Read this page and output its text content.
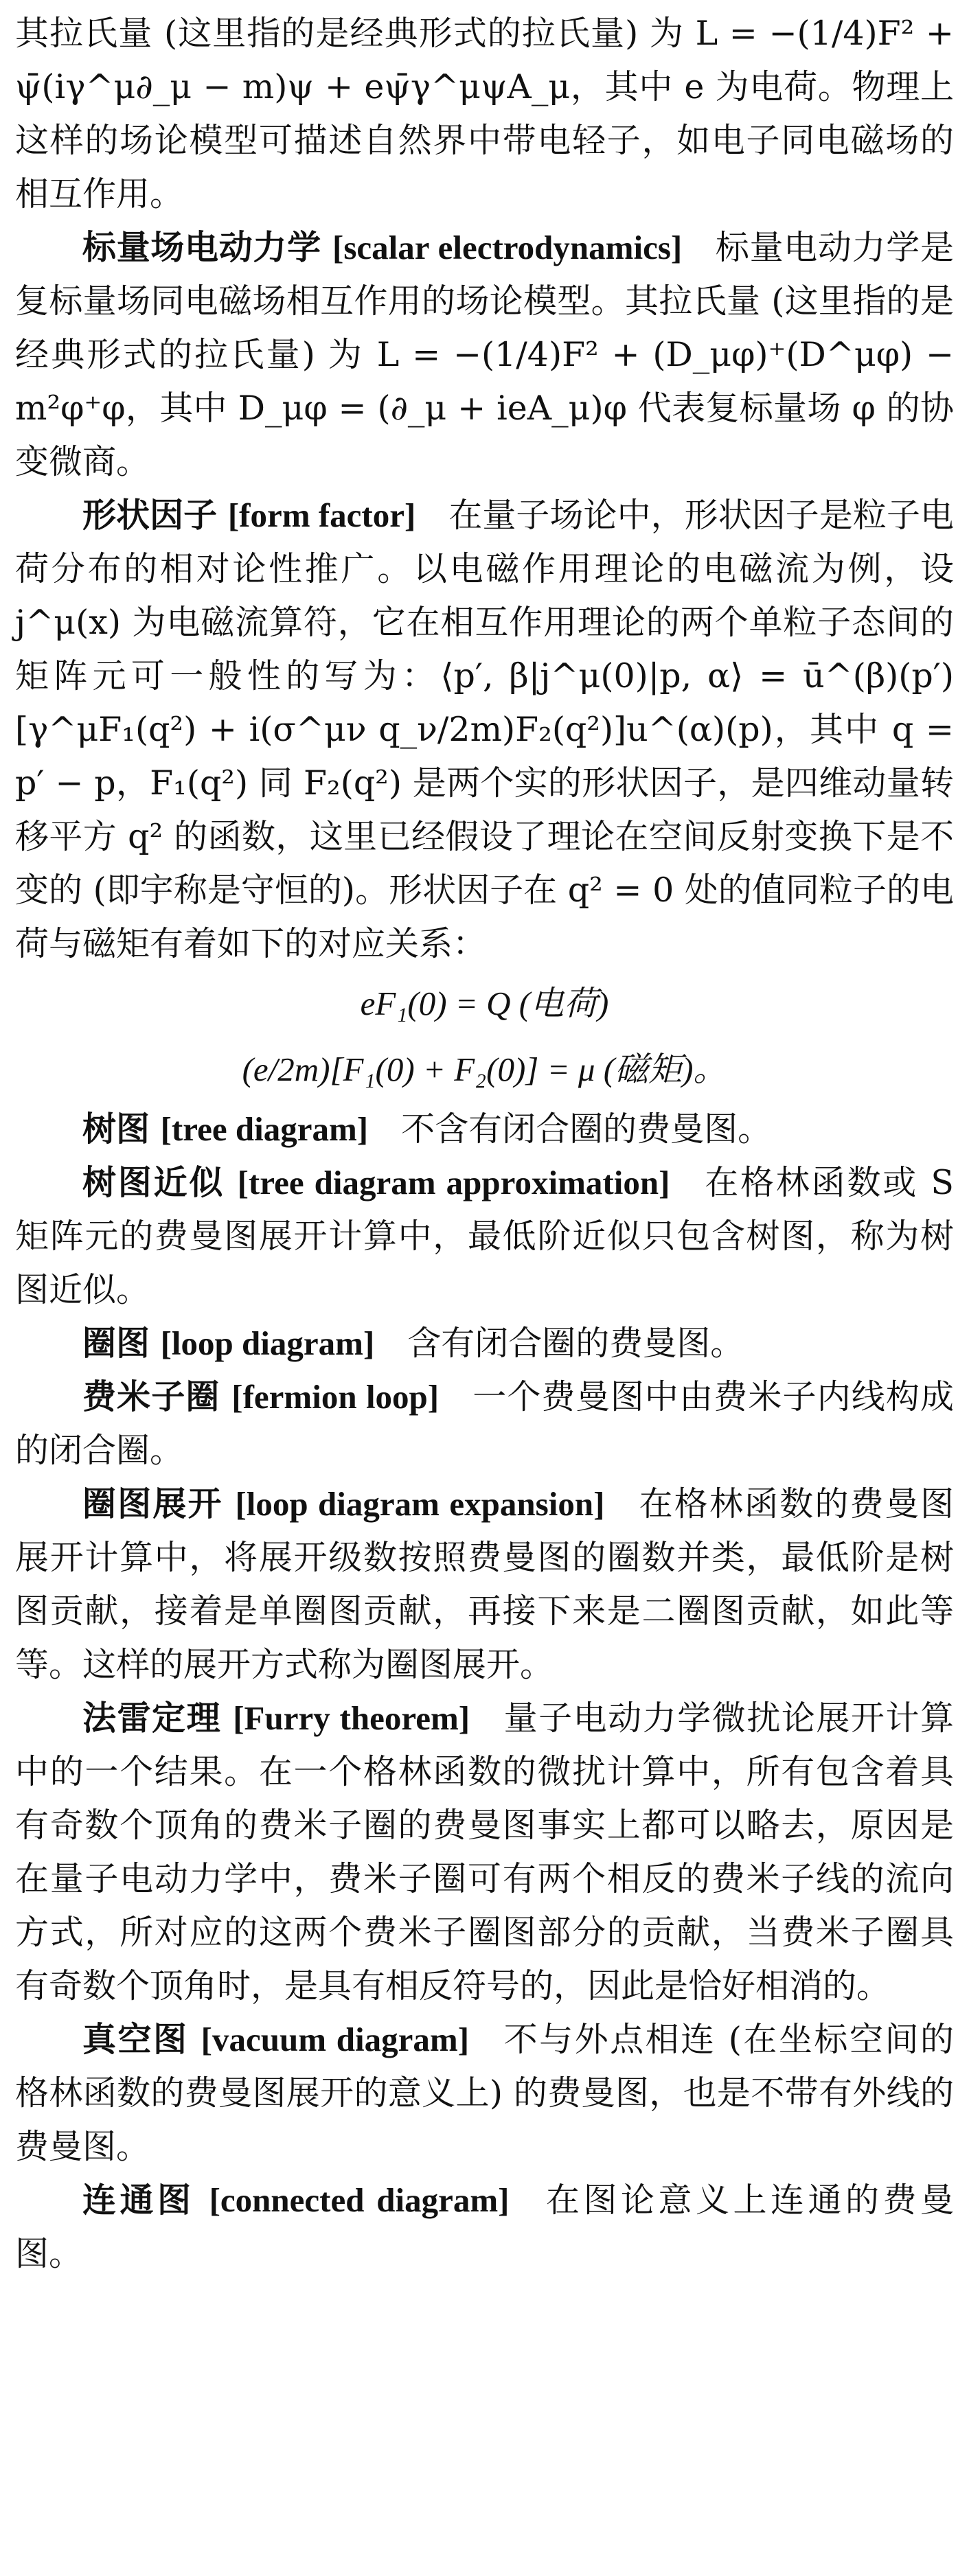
其拉氏量 (这里指的是经典形式的拉氏量) 为 L = −(1/4)F² + ψ̄(iγ^μ∂_μ − m)ψ + eψ̄γ^μψA_μ，其中 e 为电荷。物理上这样的场论模型可描述自然界中带电轻子，如电子同电磁场的相互作用。

标量场电动力学 [scalar electrodynamics] 标量电动力学是复标量场同电磁场相互作用的场论模型。其拉氏量 (这里指的是经典形式的拉氏量) 为 L = −(1/4)F² + (D_μφ)⁺(D^μφ) − m²φ⁺φ，其中 D_μφ = (∂_μ + ieA_μ)φ 代表复标量场 φ 的协变微商。

形状因子 [form factor] 在量子场论中，形状因子是粒子电荷分布的相对论性推广。以电磁作用理论的电磁流为例，设 j^μ(x) 为电磁流算符，它在相互作用理论的两个单粒子态间的矩阵元可一般性的写为：⟨p′, β|j^μ(0)|p, α⟩ = ū^(β)(p′)[γ^μF₁(q²) + i(σ^μν q_ν/2m)F₂(q²)]u^(α)(p)，其中 q = p′ − p，F₁(q²) 同 F₂(q²) 是两个实的形状因子，是四维动量转移平方 q² 的函数，这里已经假设了理论在空间反射变换下是不变的 (即宇称是守恒的)。形状因子在 q² = 0 处的值同粒子的电荷与磁矩有着如下的对应关系：

eF₁(0) = Q (电荷)

(e/2m)[F₁(0) + F₂(0)] = μ (磁矩)。

树图 [tree diagram] 不含有闭合圈的费曼图。

树图近似 [tree diagram approximation] 在格林函数或 S 矩阵元的费曼图展开计算中，最低阶近似只包含树图，称为树图近似。

圈图 [loop diagram] 含有闭合圈的费曼图。

费米子圈 [fermion loop] 一个费曼图中由费米子内线构成的闭合圈。

圈图展开 [loop diagram expansion] 在格林函数的费曼图展开计算中，将展开级数按照费曼图的圈数并类，最低阶是树图贡献，接着是单圈图贡献，再接下来是二圈图贡献，如此等等。这样的展开方式称为圈图展开。

法雷定理 [Furry theorem] 量子电动力学微扰论展开计算中的一个结果。在一个格林函数的微扰计算中，所有包含着具有奇数个顶角的费米子圈的费曼图事实上都可以略去，原因是在量子电动力学中，费米子圈可有两个相反的费米子线的流向方式，所对应的这两个费米子圈图部分的贡献，当费米子圈具有奇数个顶角时，是具有相反符号的，因此是恰好相消的。

真空图 [vacuum diagram] 不与外点相连 (在坐标空间的格林函数的费曼图展开的意义上) 的费曼图，也是不带有外线的费曼图。

连通图 [connected diagram] 在图论意义上连通的费曼图。
